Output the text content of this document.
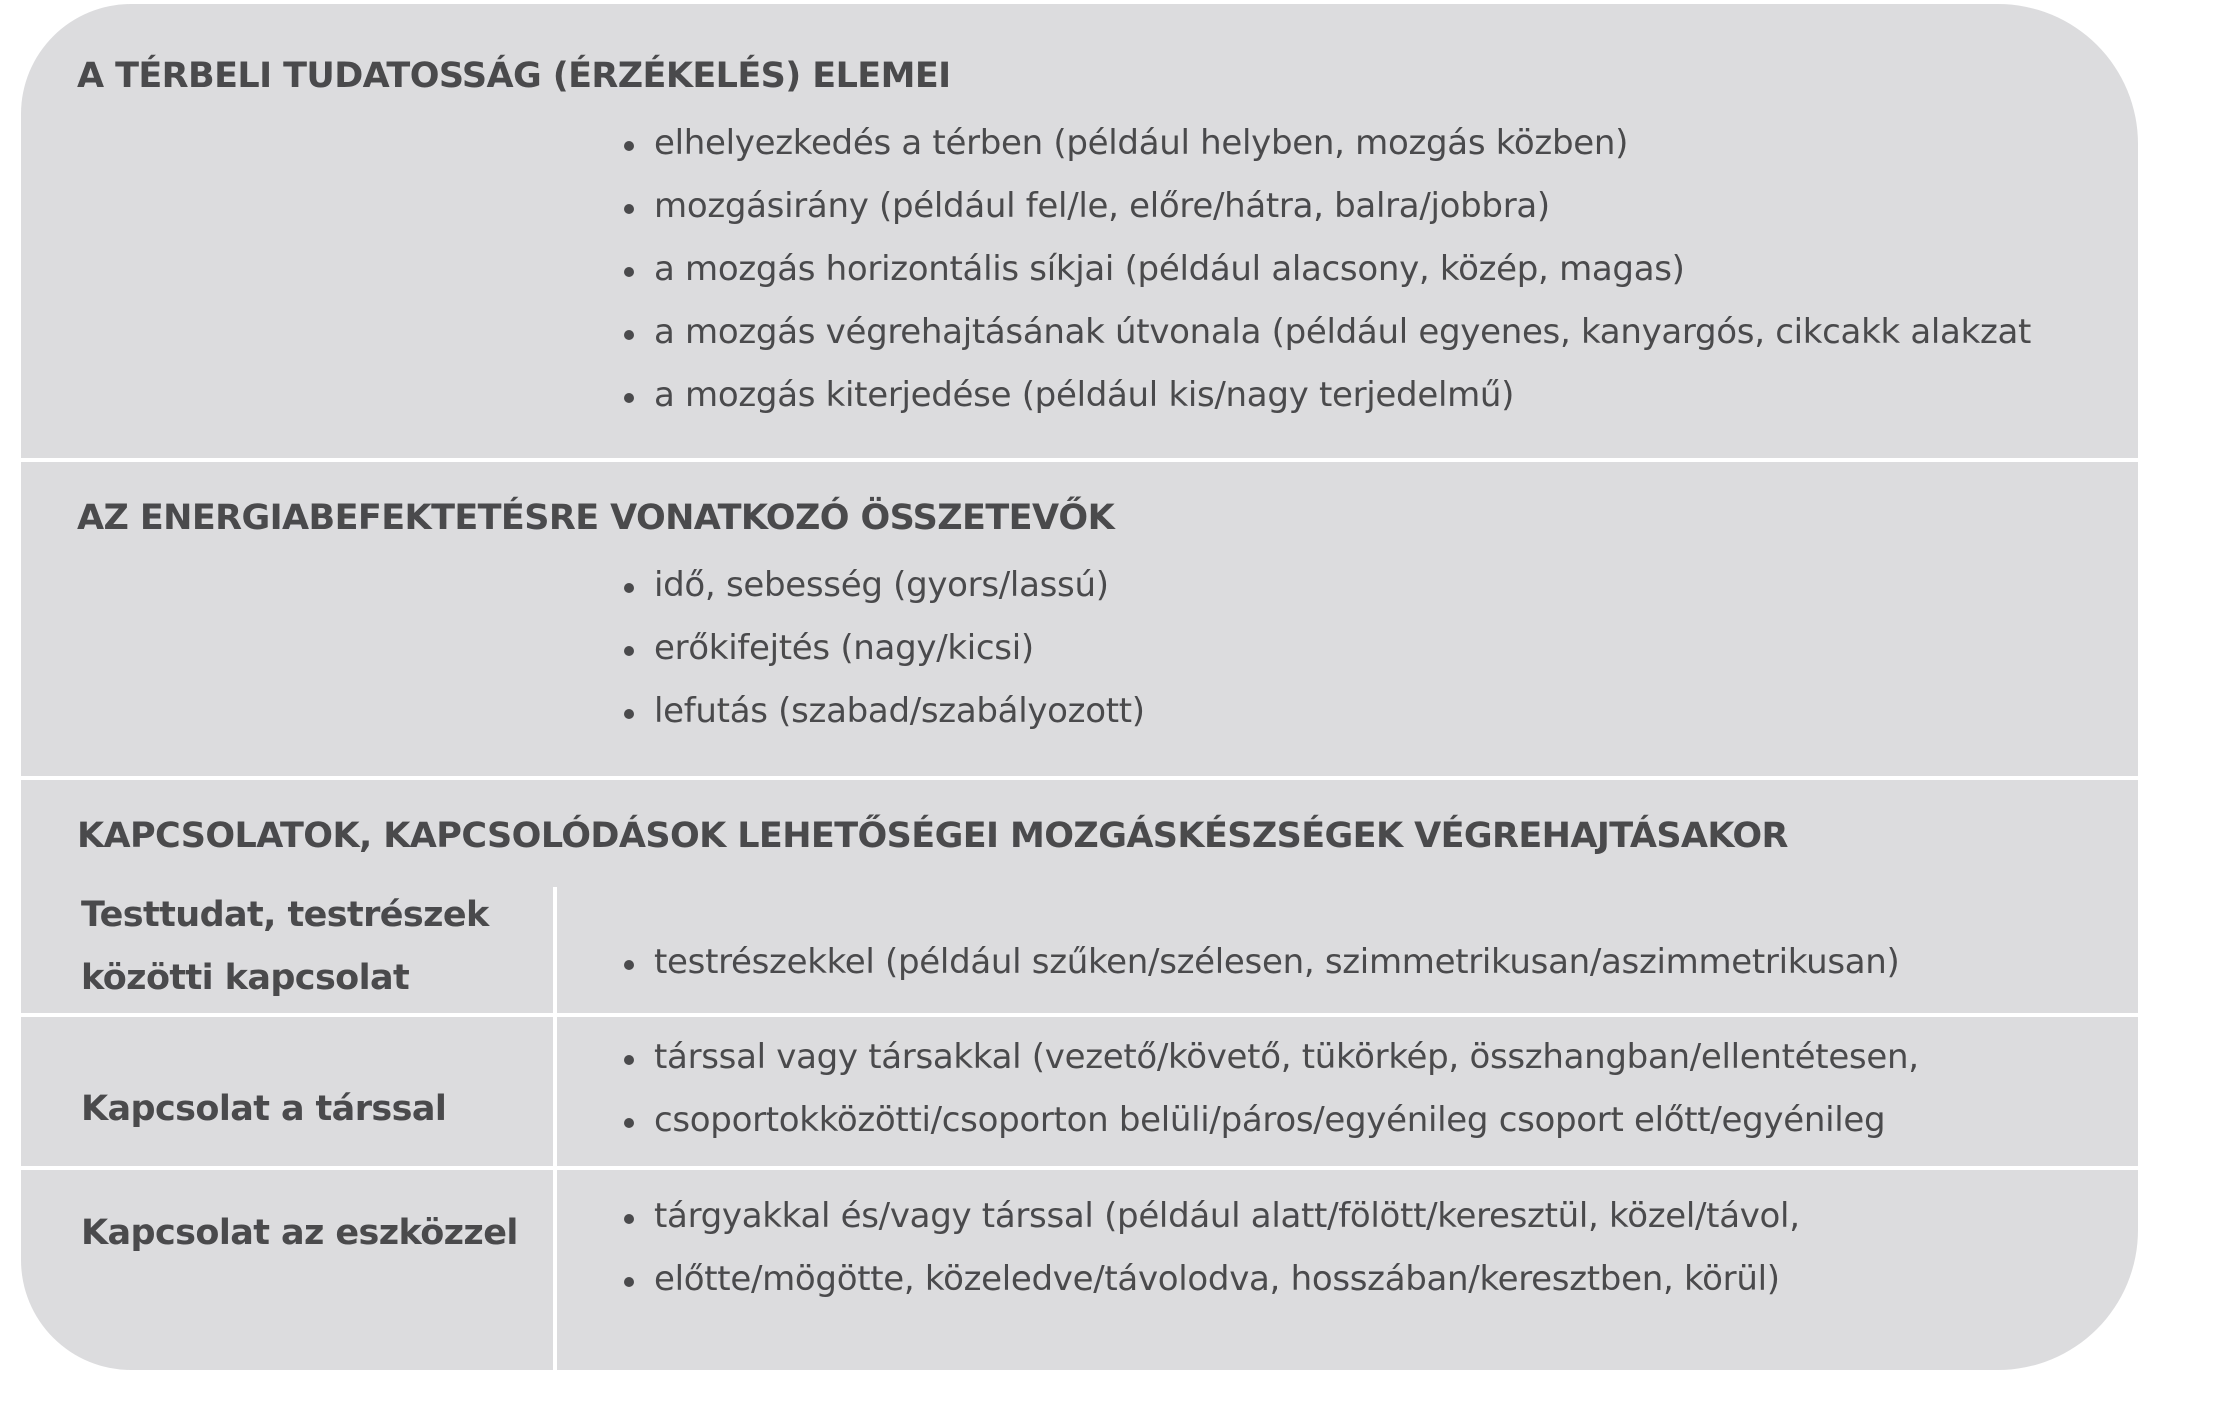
A TÉRBELI TUDATOSSÁG (ÉRZÉKELÉS) ELEMEI
elhelyezkedés a térben (például helyben, mozgás közben)
mozgásirány (például fel/le, előre/hátra, balra/jobbra)
a mozgás horizontális síkjai (például alacsony, közép, magas)
a mozgás végrehajtásának útvonala (például egyenes, kanyargós, cikcakk alakzat
a mozgás kiterjedése (például kis/nagy terjedelmű)
AZ ENERGIABEFEKTETÉSRE VONATKOZÓ ÖSSZETEVŐK
idő, sebesség (gyors/lassú)
erőkifejtés (nagy/kicsi)
lefutás (szabad/szabályozott)
KAPCSOLATOK, KAPCSOLÓDÁSOK LEHETŐSÉGEI MOZGÁSKÉSZSÉGEK VÉGREHAJTÁSAKOR
Testtudat, testrészek
közötti kapcsolat	testrészekkel (például szűken/szélesen, szimmetrikusan/aszimmetrikusan)
Kapcsolat a társsal
társsal vagy társakkal (vezető/követő, tükörkép, összhangban/ellentétesen,
csoportokközötti/csoporton belüli/páros/egyénileg csoport előtt/egyénileg
Kapcsolat az eszközzel	tárgyakkal és/vagy társsal (például alatt/fölött/keresztül, közel/távol,
előtte/mögötte, közeledve/távolodva, hosszában/keresztben, körül)
